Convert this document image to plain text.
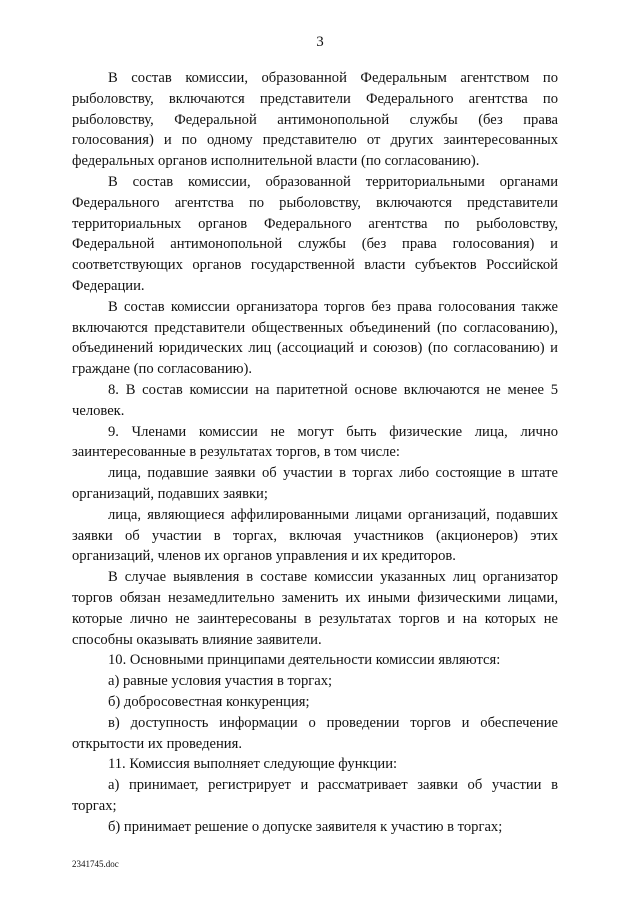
3

В состав комиссии, образованной Федеральным агентством по рыболовству, включаются представители Федерального агентства по рыболовству, Федеральной антимонопольной службы (без права голосования) и по одному представителю от других заинтересованных федеральных органов исполнительной власти (по согласованию).

В состав комиссии, образованной территориальными органами Федерального агентства по рыболовству, включаются представители территориальных органов Федерального агентства по рыболовству, Федеральной антимонопольной службы (без права голосования) и соответствующих органов государственной власти субъектов Российской Федерации.

В состав комиссии организатора торгов без права голосования также включаются представители общественных объединений (по согласованию), объединений юридических лиц (ассоциаций и союзов) (по согласованию) и граждане (по согласованию).

8. В состав комиссии на паритетной основе включаются не менее 5 человек.

9. Членами комиссии не могут быть физические лица, лично заинтересованные в результатах торгов, в том числе:

лица, подавшие заявки об участии в торгах либо состоящие в штате организаций, подавших заявки;

лица, являющиеся аффилированными лицами организаций, подавших заявки об участии в торгах, включая участников (акционеров) этих организаций, членов их органов управления и их кредиторов.

В случае выявления в составе комиссии указанных лиц организатор торгов обязан незамедлительно заменить их иными физическими лицами, которые лично не заинтересованы в результатах торгов и на которых не способны оказывать влияние заявители.

10. Основными принципами деятельности комиссии являются:

а) равные условия участия в торгах;

б) добросовестная конкуренция;

в) доступность информации о проведении торгов и обеспечение открытости их проведения.

11. Комиссия выполняет следующие функции:

а) принимает, регистрирует и рассматривает заявки об участии в торгах;

б) принимает решение о допуске заявителя к участию в торгах;

2341745.doc
